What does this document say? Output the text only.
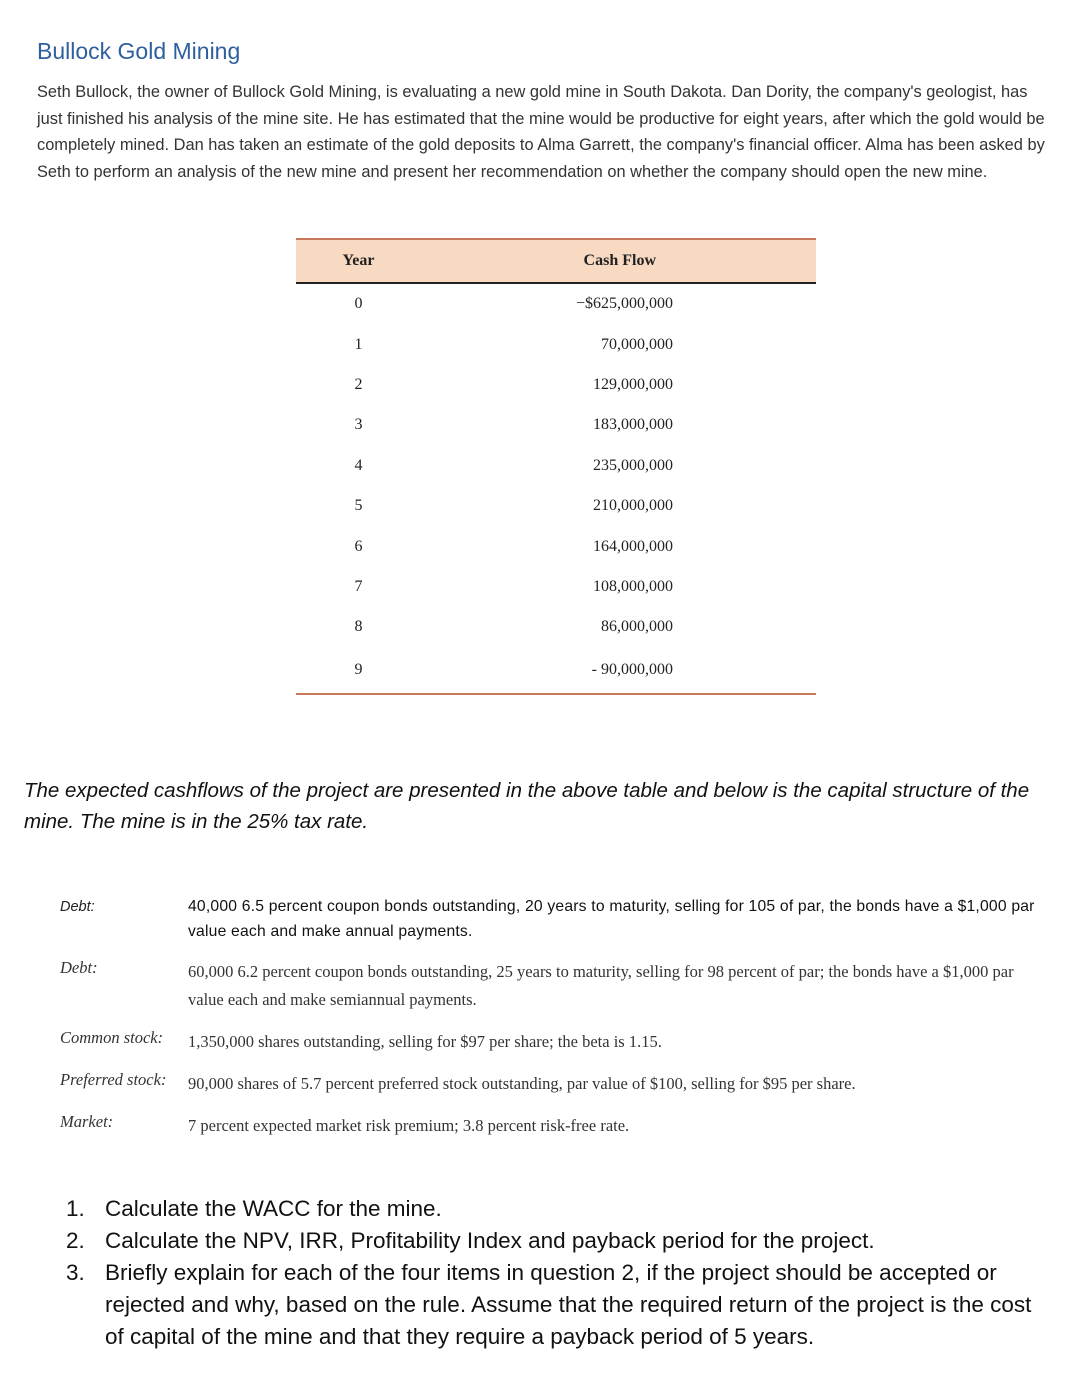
Bullock Gold Mining
Seth Bullock, the owner of Bullock Gold Mining, is evaluating a new gold mine in South Dakota. Dan Dority, the company's geologist, has just finished his analysis of the mine site. He has estimated that the mine would be productive for eight years, after which the gold would be completely mined. Dan has taken an estimate of the gold deposits to Alma Garrett, the company's financial officer. Alma has been asked by Seth to perform an analysis of the new mine and present her recommendation on whether the company should open the new mine.
Year	Cash Flow
0	−$625,000,000
1	70,000,000
2	129,000,000
3	183,000,000
4	235,000,000
5	210,000,000
6	164,000,000
7	108,000,000
8	86,000,000
9	- 90,000,000
The expected cashflows of the project are presented in the above table and below is the capital structure of the mine. The mine is in the 25% tax rate.
Debt:	40,000 6.5 percent coupon bonds outstanding, 20 years to maturity, selling for 105 of par, the bonds have a $1,000 par value each and make annual payments.
Debt:	60,000 6.2 percent coupon bonds outstanding, 25 years to maturity, selling for 98 percent of par; the bonds have a $1,000 par value each and make semiannual payments.
Common stock: 1,350,000 shares outstanding, selling for $97 per share; the beta is 1.15.
Preferred stock: 90,000 shares of 5.7 percent preferred stock outstanding, par value of $100, selling for $95 per share.
Market:	7 percent expected market risk premium; 3.8 percent risk-free rate.
1. Calculate the WACC for the mine.
2. Calculate the NPV, IRR, Profitability Index and payback period for the project.
3. Briefly explain for each of the four items in question 2, if the project should be accepted or rejected and why, based on the rule. Assume that the required return of the project is the cost of capital of the mine and that they require a payback period of 5 years.
